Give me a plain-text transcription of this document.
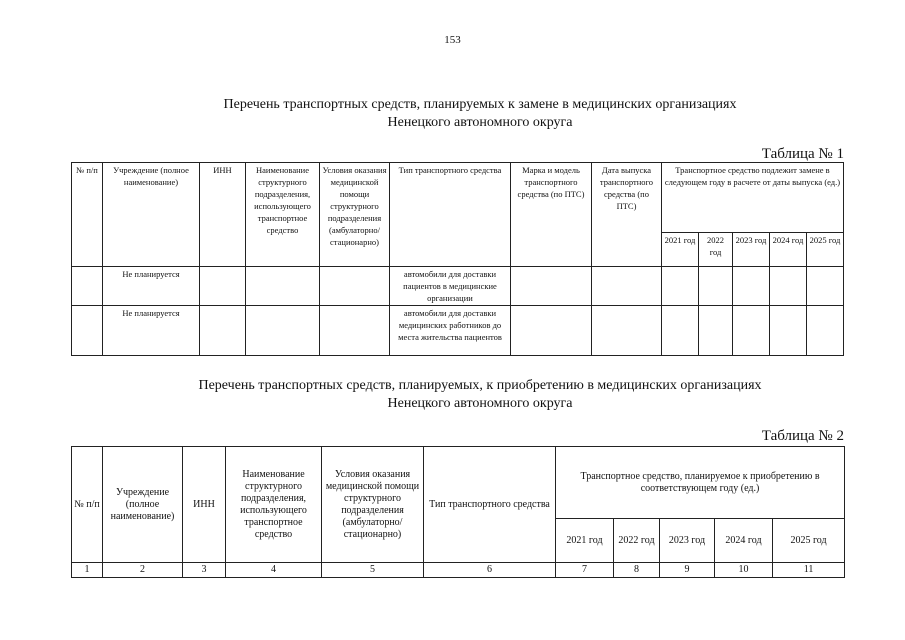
153
Перечень транспортных средств, планируемых к замене в медицинских организациях
Ненецкого автономного округа
Таблица № 1
№ п/п	Учреждение (полное наименование)	ИНН	Наименование структурного подразделения, использующего транспортное средство	Условия оказания медицинской помощи структурного подразделения (амбулаторно/ стационарно)	Тип транспортного средства	Марка и модель транспортного средства (по ПТС)	Дата выпуска транспортного средства (по ПТС)	Транспортное средство подлежит замене в следующем году в расчете от даты выпуска (ед.)				
								2021 год	2022 год	2023 год	2024 год	2025 год
	Не планируется				автомобили для доставки пациентов в медицинские организации							
	Не планируется				автомобили для доставки медицинских работников до места жительства пациентов							
Перечень транспортных средств, планируемых, к приобретению в медицинских организациях
Ненецкого автономного округа
Таблица № 2
№ п/п	Учреждение (полное наименование)	ИНН	Наименование структурного подразделения, использующего транспортное средство	Условия оказания медицинской помощи структурного подразделения (амбулаторно/ стационарно)	Тип транспортного средства	Транспортное средство, планируемое к приобретению в соответствующем году (ед.)				
						2021 год	2022 год	2023 год	2024 год	2025 год
1	2	3	4	5	6	7	8	9	10	11
